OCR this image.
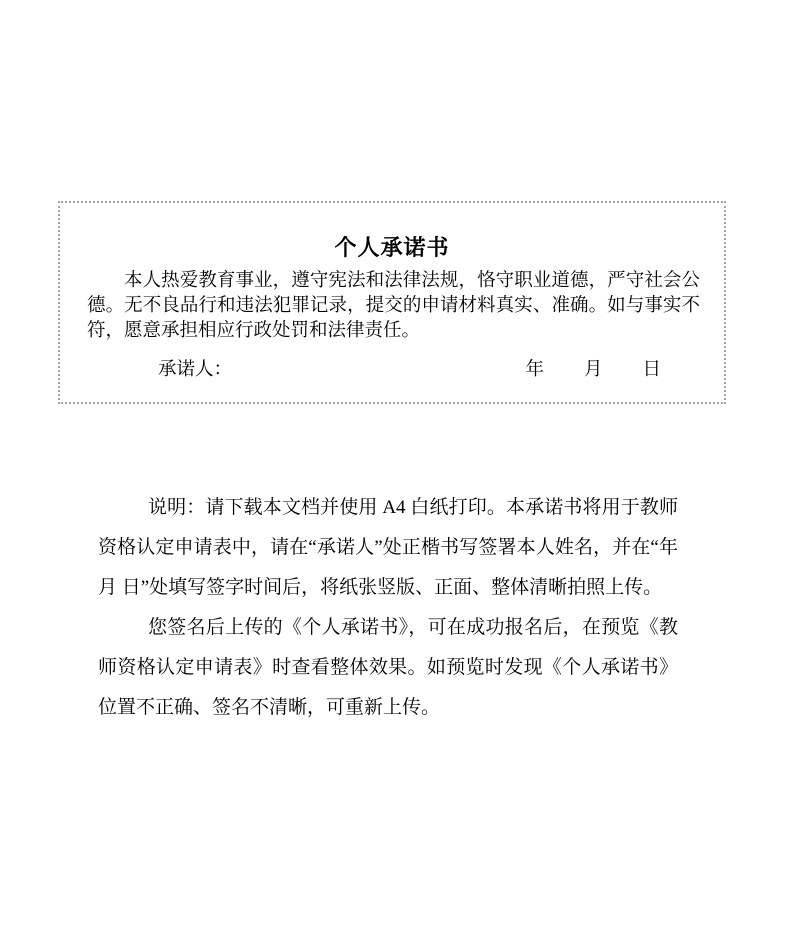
个人承诺书

本人热爱教育事业，遵守宪法和法律法规，恪守职业道德，严守社会公德。无不良品行和违法犯罪记录，提交的申请材料真实、准确。如与事实不符，愿意承担相应行政处罚和法律责任。

承诺人：	年 月 日

说明：请下载本文档并使用 A4 白纸打印。本承诺书将用于教师资格认定申请表中，请在“承诺人”处正楷书写签署本人姓名，并在“年 月 日”处填写签字时间后，将纸张竖版、正面、整体清晰拍照上传。

您签名后上传的《个人承诺书》，可在成功报名后，在预览《教师资格认定申请表》时查看整体效果。如预览时发现《个人承诺书》位置不正确、签名不清晰，可重新上传。
